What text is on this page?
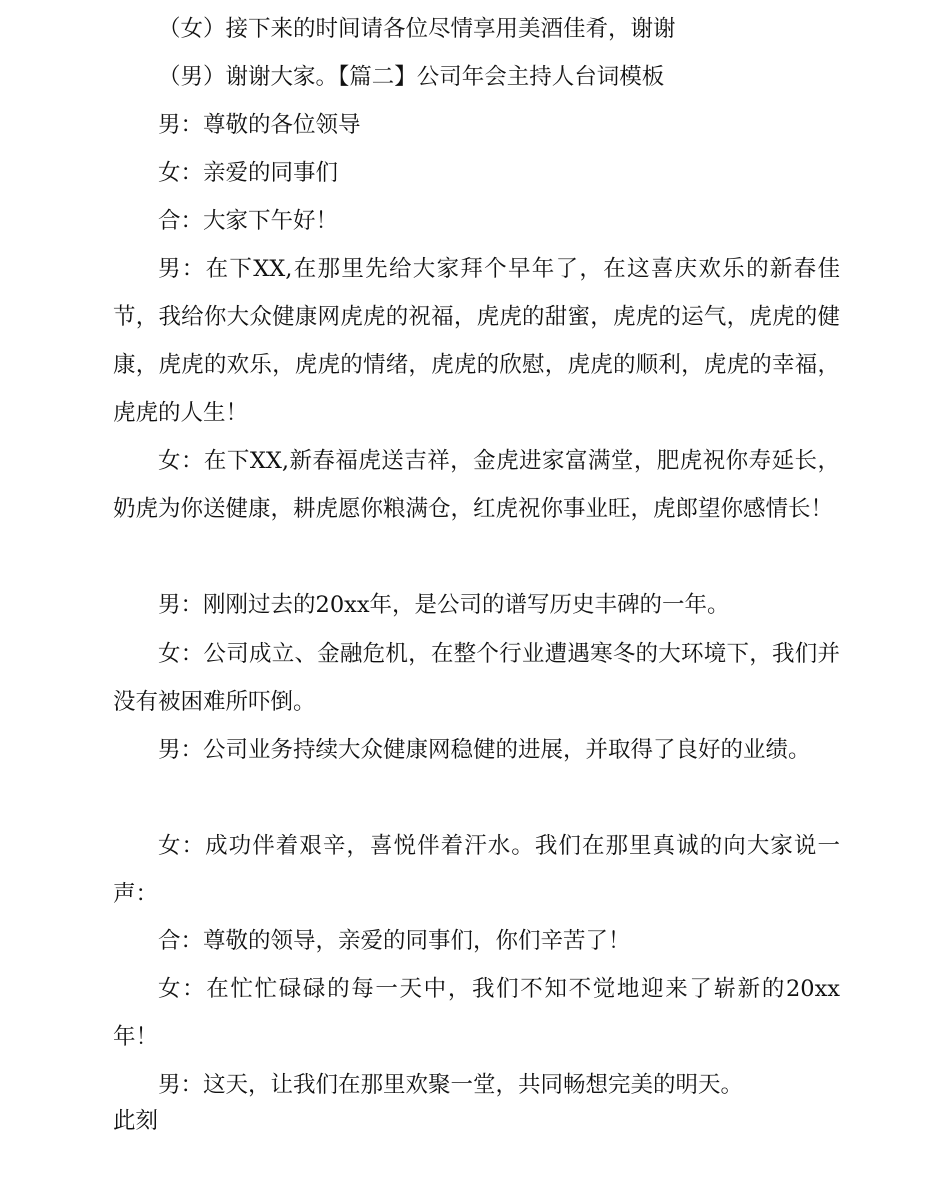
（女）接下来的时间请各位尽情享用美酒佳肴，谢谢

（男）谢谢大家。【篇二】公司年会主持人台词模板

男：尊敬的各位领导

女：亲爱的同事们

合：大家下午好！

男：在下XX,在那里先给大家拜个早年了，在这喜庆欢乐的新春佳节，我给你大众健康网虎虎的祝福，虎虎的甜蜜，虎虎的运气，虎虎的健康，虎虎的欢乐，虎虎的情绪，虎虎的欣慰，虎虎的顺利，虎虎的幸福，虎虎的人生！

女：在下XX,新春福虎送吉祥，金虎进家富满堂，肥虎祝你寿延长，奶虎为你送健康，耕虎愿你粮满仓，红虎祝你事业旺，虎郎望你感情长！

男：刚刚过去的20xx年，是公司的谱写历史丰碑的一年。

女：公司成立、金融危机，在整个行业遭遇寒冬的大环境下，我们并没有被困难所吓倒。

男：公司业务持续大众健康网稳健的进展，并取得了良好的业绩。

女：成功伴着艰辛，喜悦伴着汗水。我们在那里真诚的向大家说一声：

合：尊敬的领导，亲爱的同事们，你们辛苦了！

女：在忙忙碌碌的每一天中，我们不知不觉地迎来了崭新的20xx年！

男：这天，让我们在那里欢聚一堂，共同畅想完美的明天。

此刻
